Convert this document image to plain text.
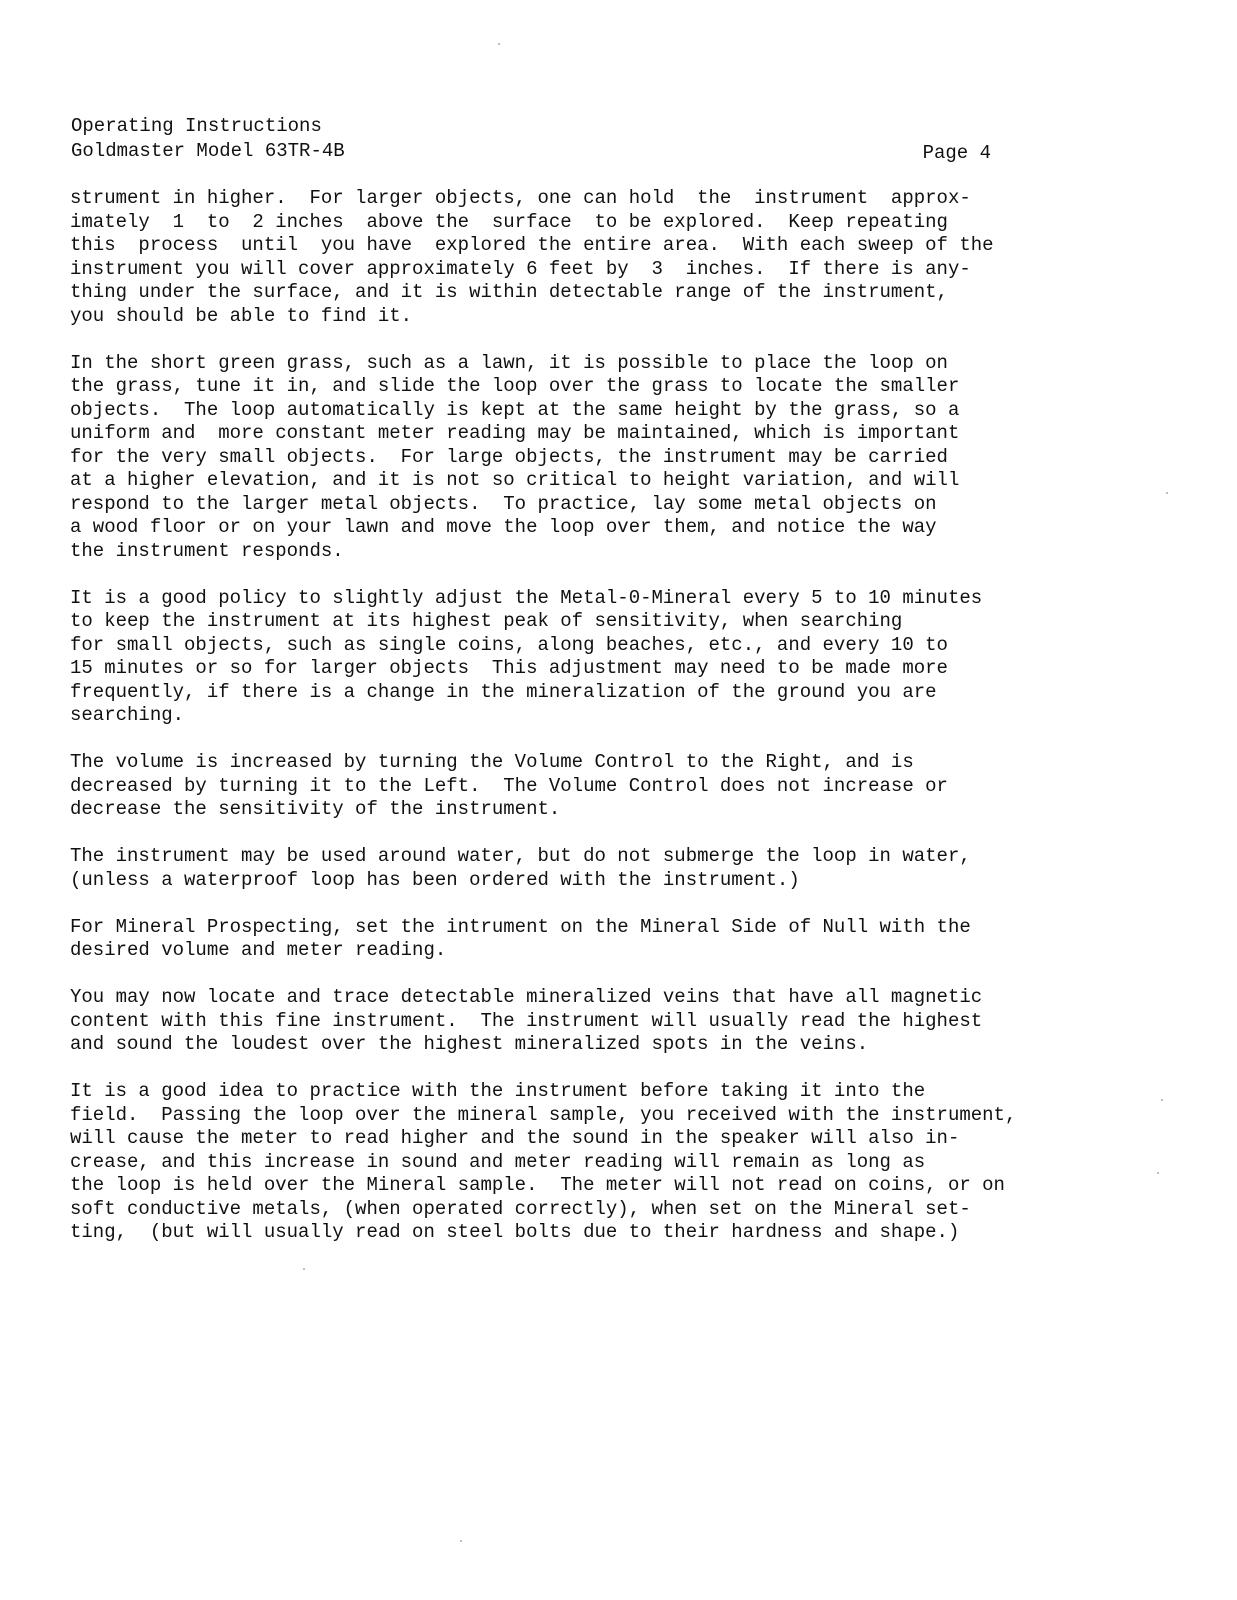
Operating Instructions
Goldmaster Model 63TR-4B	Page 4

strument in higher.  For larger objects, one can hold  the  instrument  approx-
imately  1  to  2 inches  above the  surface  to be explored.  Keep repeating
this  process  until  you have  explored the entire area.  With each sweep of the
instrument you will cover approximately 6 feet by  3  inches.  If there is any-
thing under the surface, and it is within detectable range of the instrument,
you should be able to find it.

In the short green grass, such as a lawn, it is possible to place the loop on
the grass, tune it in, and slide the loop over the grass to locate the smaller
objects.  The loop automatically is kept at the same height by the grass, so a
uniform and  more constant meter reading may be maintained, which is important
for the very small objects.  For large objects, the instrument may be carried
at a higher elevation, and it is not so critical to height variation, and will
respond to the larger metal objects.  To practice, lay some metal objects on
a wood floor or on your lawn and move the loop over them, and notice the way
the instrument responds.

It is a good policy to slightly adjust the Metal-0-Mineral every 5 to 10 minutes
to keep the instrument at its highest peak of sensitivity, when searching
for small objects, such as single coins, along beaches, etc., and every 10 to
15 minutes or so for larger objects  This adjustment may need to be made more
frequently, if there is a change in the mineralization of the ground you are
searching.

The volume is increased by turning the Volume Control to the Right, and is
decreased by turning it to the Left.  The Volume Control does not increase or
decrease the sensitivity of the instrument.

The instrument may be used around water, but do not submerge the loop in water,
(unless a waterproof loop has been ordered with the instrument.)

For Mineral Prospecting, set the intrument on the Mineral Side of Null with the
desired volume and meter reading.

You may now locate and trace detectable mineralized veins that have all magnetic
content with this fine instrument.  The instrument will usually read the highest
and sound the loudest over the highest mineralized spots in the veins.

It is a good idea to practice with the instrument before taking it into the
field.  Passing the loop over the mineral sample, you received with the instrument,
will cause the meter to read higher and the sound in the speaker will also in-
crease, and this increase in sound and meter reading will remain as long as
the loop is held over the Mineral sample.  The meter will not read on coins, or on
soft conductive metals, (when operated correctly), when set on the Mineral set-
ting,  (but will usually read on steel bolts due to their hardness and shape.)
